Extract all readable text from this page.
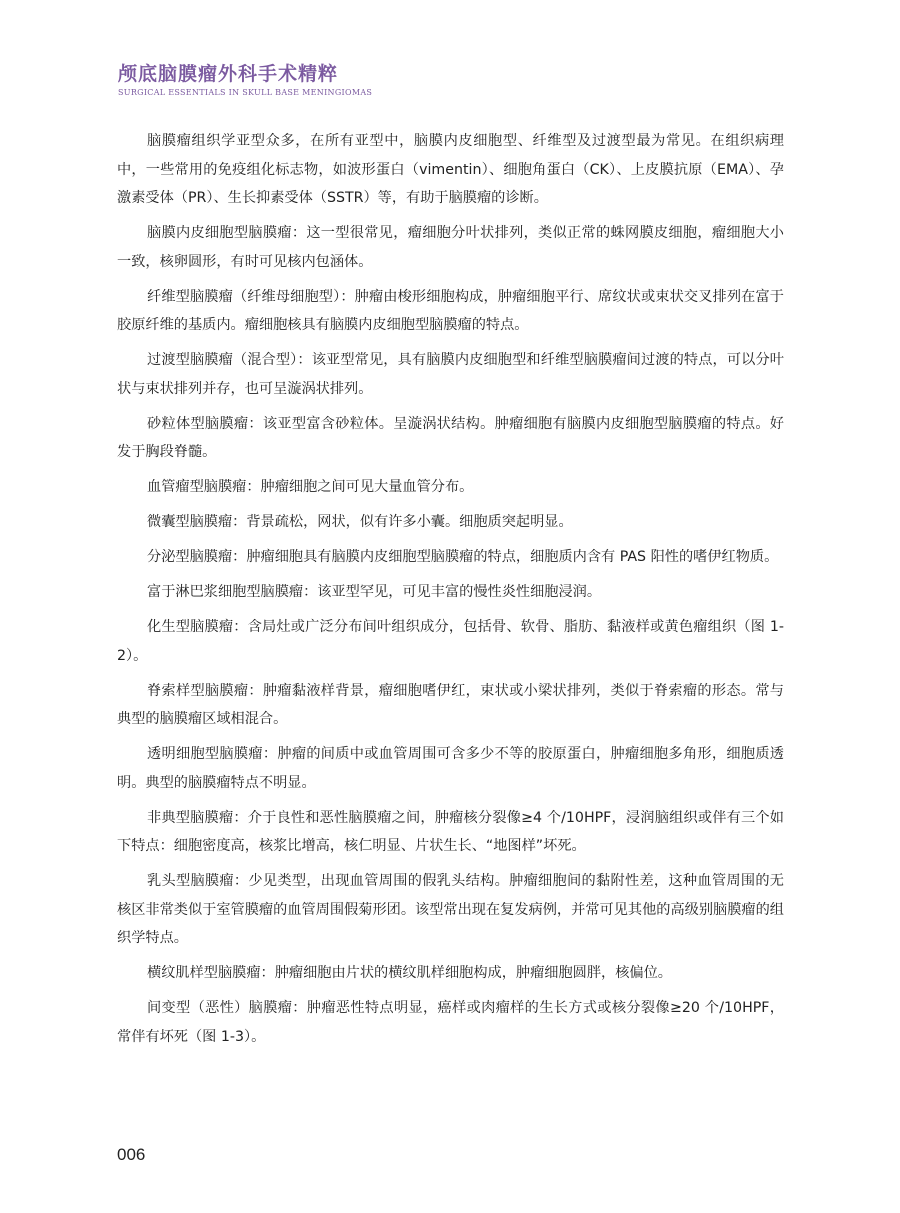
颅底脑膜瘤外科手术精粹
SURGICAL ESSENTIALS IN SKULL BASE MENINGIOMAS

脑膜瘤组织学亚型众多，在所有亚型中，脑膜内皮细胞型、纤维型及过渡型最为常见。在组织病理中，一些常用的免疫组化标志物，如波形蛋白（vimentin）、细胞角蛋白（CK）、上皮膜抗原（EMA）、孕激素受体（PR）、生长抑素受体（SSTR）等，有助于脑膜瘤的诊断。

脑膜内皮细胞型脑膜瘤：这一型很常见，瘤细胞分叶状排列，类似正常的蛛网膜皮细胞，瘤细胞大小一致，核卵圆形，有时可见核内包涵体。

纤维型脑膜瘤（纤维母细胞型）：肿瘤由梭形细胞构成，肿瘤细胞平行、席纹状或束状交叉排列在富于胶原纤维的基质内。瘤细胞核具有脑膜内皮细胞型脑膜瘤的特点。

过渡型脑膜瘤（混合型）：该亚型常见，具有脑膜内皮细胞型和纤维型脑膜瘤间过渡的特点，可以分叶状与束状排列并存，也可呈漩涡状排列。

砂粒体型脑膜瘤：该亚型富含砂粒体。呈漩涡状结构。肿瘤细胞有脑膜内皮细胞型脑膜瘤的特点。好发于胸段脊髓。

血管瘤型脑膜瘤：肿瘤细胞之间可见大量血管分布。

微囊型脑膜瘤：背景疏松，网状，似有许多小囊。细胞质突起明显。

分泌型脑膜瘤：肿瘤细胞具有脑膜内皮细胞型脑膜瘤的特点，细胞质内含有 PAS 阳性的嗜伊红物质。

富于淋巴浆细胞型脑膜瘤：该亚型罕见，可见丰富的慢性炎性细胞浸润。

化生型脑膜瘤：含局灶或广泛分布间叶组织成分，包括骨、软骨、脂肪、黏液样或黄色瘤组织（图 1-2）。

脊索样型脑膜瘤：肿瘤黏液样背景，瘤细胞嗜伊红，束状或小梁状排列，类似于脊索瘤的形态。常与典型的脑膜瘤区域相混合。

透明细胞型脑膜瘤：肿瘤的间质中或血管周围可含多少不等的胶原蛋白，肿瘤细胞多角形，细胞质透明。典型的脑膜瘤特点不明显。

非典型脑膜瘤：介于良性和恶性脑膜瘤之间，肿瘤核分裂像≥4 个/10HPF，浸润脑组织或伴有三个如下特点：细胞密度高，核浆比增高，核仁明显、片状生长、“地图样”坏死。

乳头型脑膜瘤：少见类型，出现血管周围的假乳头结构。肿瘤细胞间的黏附性差，这种血管周围的无核区非常类似于室管膜瘤的血管周围假菊形团。该型常出现在复发病例，并常可见其他的高级别脑膜瘤的组织学特点。

横纹肌样型脑膜瘤：肿瘤细胞由片状的横纹肌样细胞构成，肿瘤细胞圆胖，核偏位。

间变型（恶性）脑膜瘤：肿瘤恶性特点明显，癌样或肉瘤样的生长方式或核分裂像≥20 个/10HPF，常伴有坏死（图 1-3）。

006
